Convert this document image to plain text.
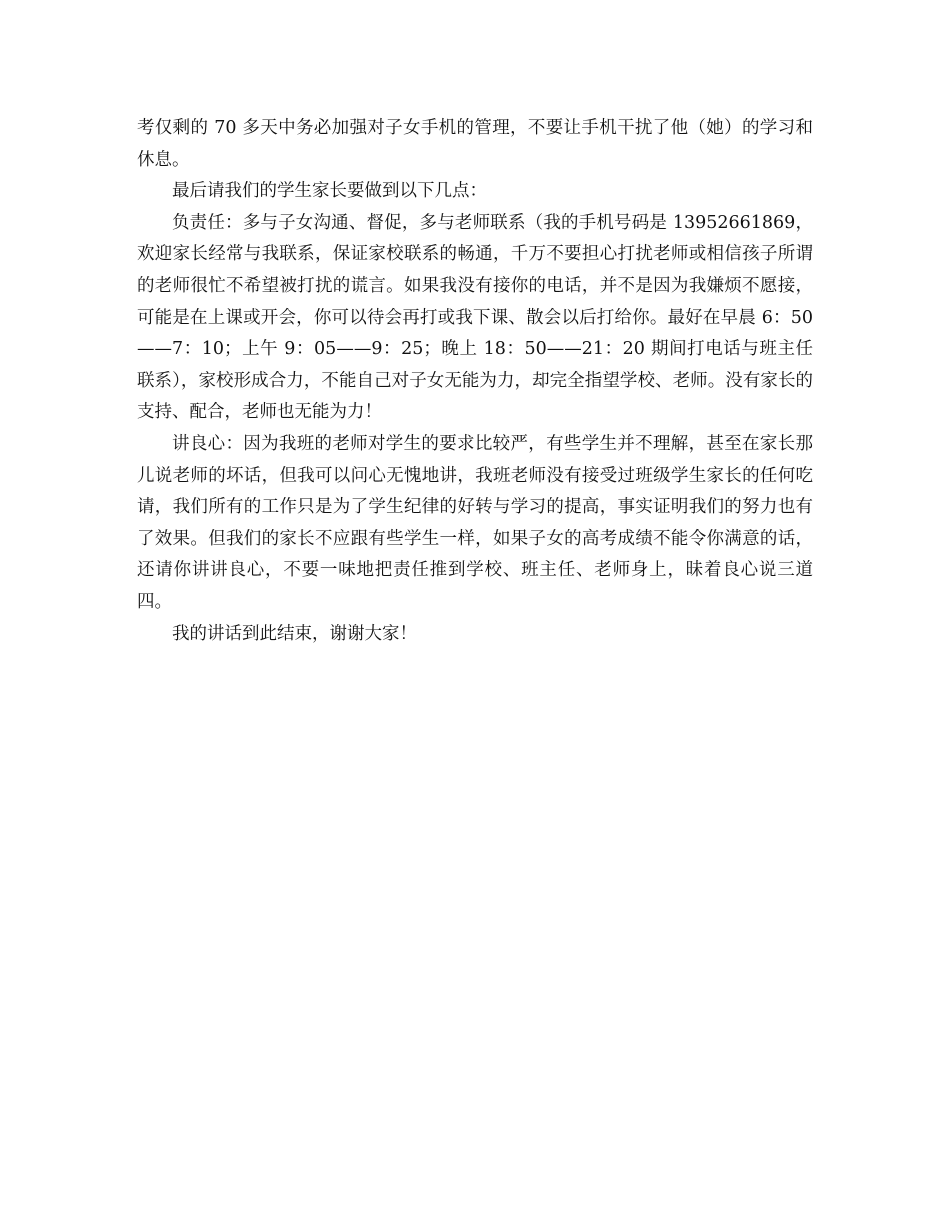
考仅剩的 70 多天中务必加强对子女手机的管理，不要让手机干扰了他（她）的学习和休息。

最后请我们的学生家长要做到以下几点：

负责任：多与子女沟通、督促，多与老师联系（我的手机号码是 13952661869，欢迎家长经常与我联系，保证家校联系的畅通，千万不要担心打扰老师或相信孩子所谓的老师很忙不希望被打扰的谎言。如果我没有接你的电话，并不是因为我嫌烦不愿接，可能是在上课或开会，你可以待会再打或我下课、散会以后打给你。最好在早晨 6：50——7：10；上午 9：05——9：25；晚上 18：50——21：20 期间打电话与班主任联系），家校形成合力，不能自己对子女无能为力，却完全指望学校、老师。没有家长的支持、配合，老师也无能为力！

讲良心：因为我班的老师对学生的要求比较严，有些学生并不理解，甚至在家长那儿说老师的坏话，但我可以问心无愧地讲，我班老师没有接受过班级学生家长的任何吃请，我们所有的工作只是为了学生纪律的好转与学习的提高，事实证明我们的努力也有了效果。但我们的家长不应跟有些学生一样，如果子女的高考成绩不能令你满意的话，还请你讲讲良心，不要一味地把责任推到学校、班主任、老师身上，昧着良心说三道四。

我的讲话到此结束，谢谢大家！
